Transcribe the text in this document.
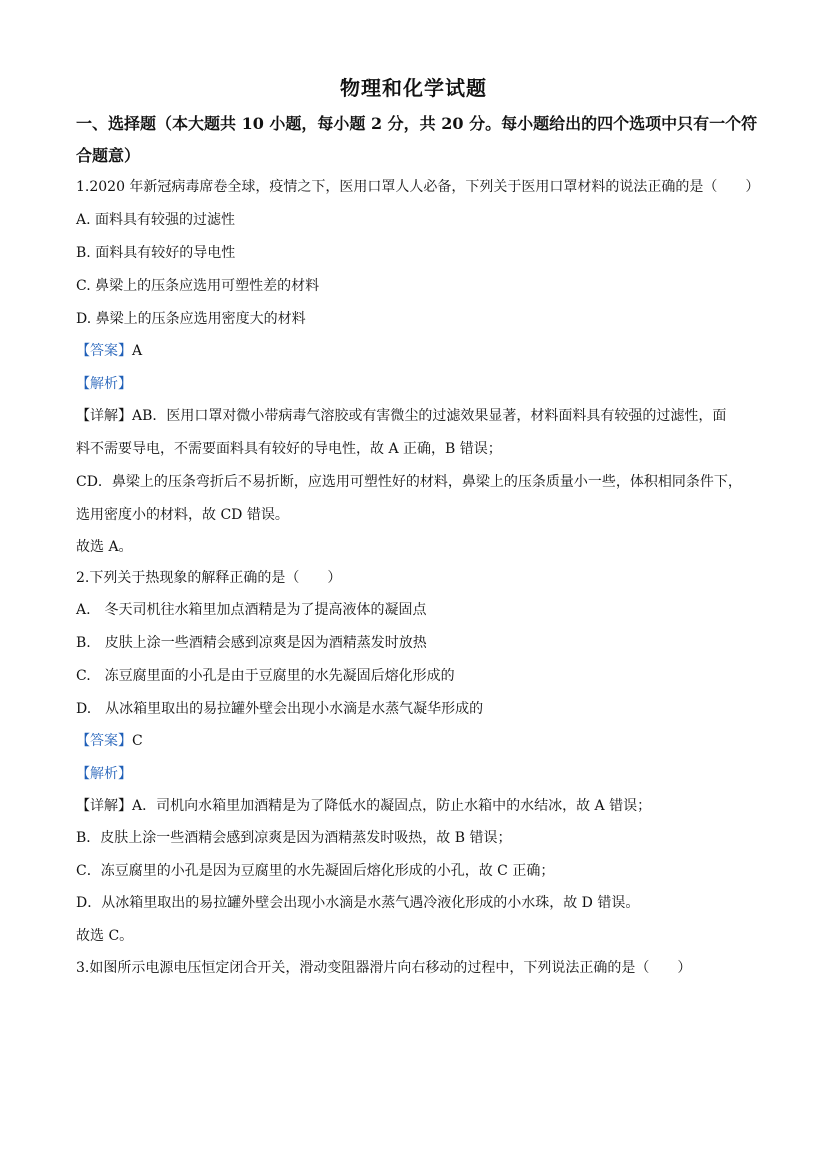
物理和化学试题
一、选择题（本大题共 10 小题，每小题 2 分，共 20 分。每小题给出的四个选项中只有一个符合题意）
1.2020 年新冠病毒席卷全球，疫情之下，医用口罩人人必备，下列关于医用口罩材料的说法正确的是（　　）
A. 面料具有较强的过滤性
B. 面料具有较好的导电性
C. 鼻梁上的压条应选用可塑性差的材料
D. 鼻梁上的压条应选用密度大的材料
【答案】A
【解析】
【详解】AB．医用口罩对微小带病毒气溶胶或有害微尘的过滤效果显著，材料面料具有较强的过滤性，面
料不需要导电，不需要面料具有较好的导电性，故 A 正确，B 错误；
CD．鼻梁上的压条弯折后不易折断，应选用可塑性好的材料，鼻梁上的压条质量小一些，体积相同条件下，
选用密度小的材料，故 CD 错误。
故选 A。
2.下列关于热现象的解释正确的是（　　）
A.　冬天司机往水箱里加点酒精是为了提高液体的凝固点
B.　皮肤上涂一些酒精会感到凉爽是因为酒精蒸发时放热
C.　冻豆腐里面的小孔是由于豆腐里的水先凝固后熔化形成的
D.　从冰箱里取出的易拉罐外壁会出现小水滴是水蒸气凝华形成的
【答案】C
【解析】
【详解】A．司机向水箱里加酒精是为了降低水的凝固点，防止水箱中的水结冰，故 A 错误；
B．皮肤上涂一些酒精会感到凉爽是因为酒精蒸发时吸热，故 B 错误；
C．冻豆腐里的小孔是因为豆腐里的水先凝固后熔化形成的小孔，故 C 正确；
D．从冰箱里取出的易拉罐外壁会出现小水滴是水蒸气遇冷液化形成的小水珠，故 D 错误。
故选 C。
3.如图所示电源电压恒定闭合开关，滑动变阻器滑片向右移动的过程中，下列说法正确的是（　　）
